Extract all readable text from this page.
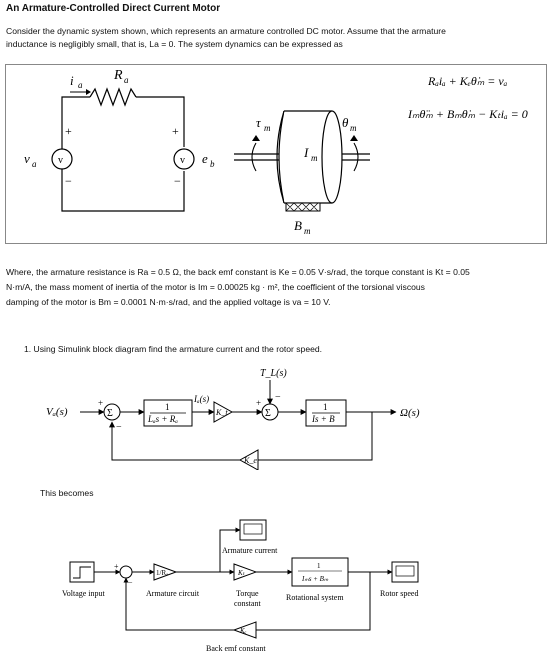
An Armature-Controlled Direct Current Motor
Consider the dynamic system shown, which represents an armature controlled DC motor. Assume that the armature
inductance is negligibly small, that is, La = 0. The system dynamics can be expressed as
v	v
i a
R a
+
−
+
−
v a	e b
τ m	θ m
I m
B m
Rₐiₐ + Kₑθ̇ₘ = vₐ
Iₘθ̈ₘ + Bₘθ̇ₘ − Kₜiₐ = 0
Where, the armature resistance is Ra = 0.5 Ω, the back emf constant is Ke = 0.05 V·s/rad, the torque constant is Kt = 0.05
N·m/A, the mass moment of inertia of the motor is Im = 0.00025 kg · m², the coefficient of the torsional viscous
damping of the motor is Bm = 0.0001 N·m·s/rad, and the applied voltage is va = 10 V.
1. Using Simulink block diagram find the armature current and the rotor speed.
Vₐ(s)	Σ
+
−
1
Lₐs + Rₐ
Iₐ(s)
K_t	Σ
+ −
T_L(s)
1
Is + B	Ω(s)
K_e
This becomes
Armature current
Voltage input
+
−
1/Rₐ
Armature circuit
Kₜ
Torque
constant
1
Iₘs + Bₘ
Rotational system	Rotor speed
Kₑ
Back emf constant
